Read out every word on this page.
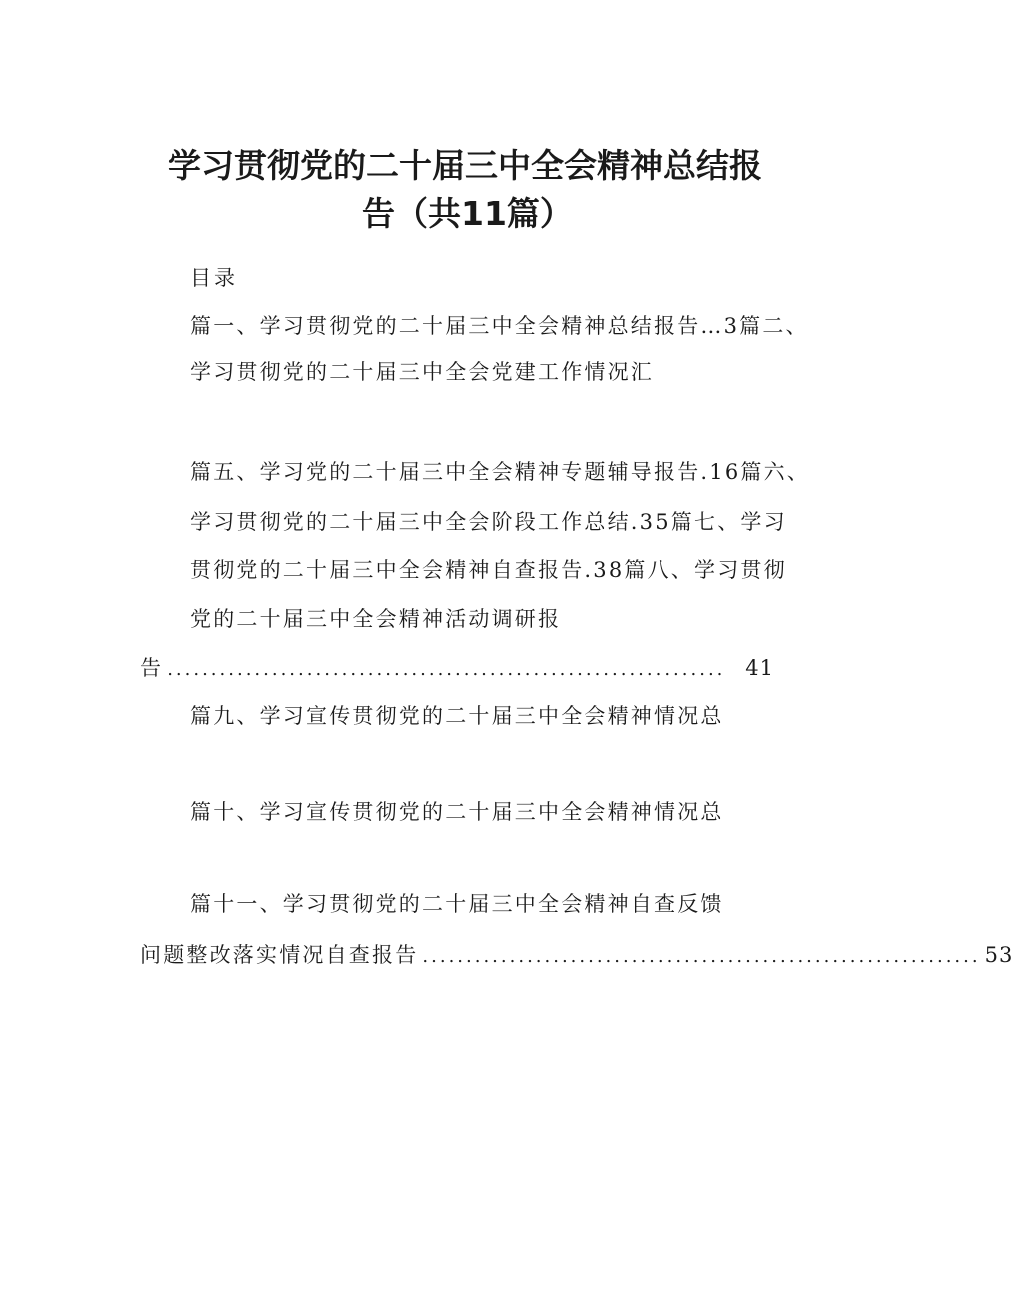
学习贯彻党的二十届三中全会精神总结报
告（共11篇）
目录
篇一、学习贯彻党的二十届三中全会精神总结报告…3篇二、
学习贯彻党的二十届三中全会党建工作情况汇
篇五、学习党的二十届三中全会精神专题辅导报告.16篇六、
学习贯彻党的二十届三中全会阶段工作总结.35篇七、学习
贯彻党的二十届三中全会精神自查报告.38篇八、学习贯彻
党的二十届三中全会精神活动调研报
告 ................................................................ 41
篇九、学习宣传贯彻党的二十届三中全会精神情况总
篇十、学习宣传贯彻党的二十届三中全会精神情况总
篇十一、学习贯彻党的二十届三中全会精神自查反馈
问题整改落实情况自查报告 ................................................................ 53
